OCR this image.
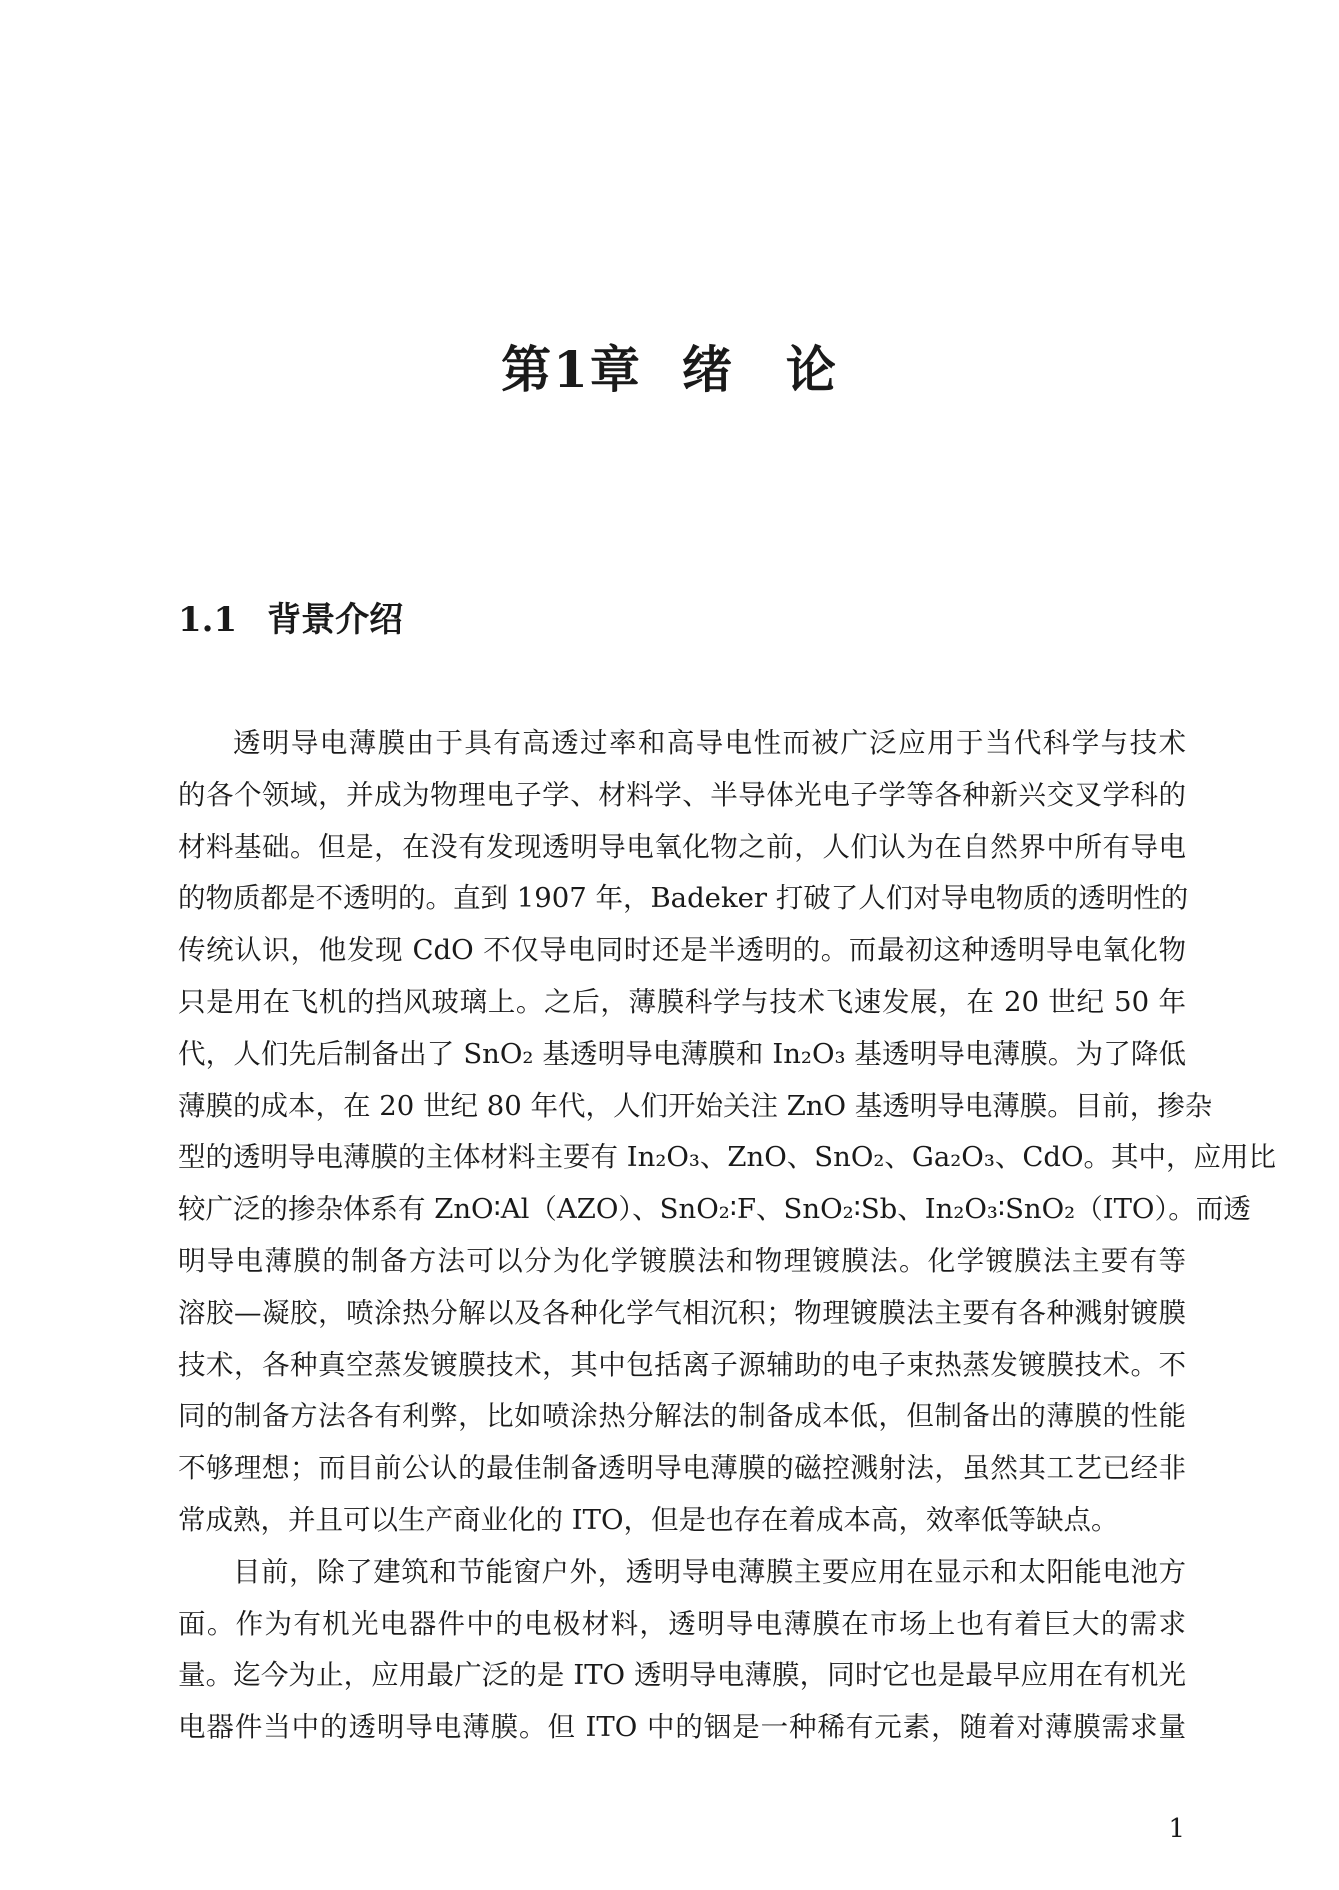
第1章 绪　论
1.1 背景介绍

透明导电薄膜由于具有高透过率和高导电性而被广泛应用于当代科学与技术
的各个领域，并成为物理电子学、材料学、半导体光电子学等各种新兴交叉学科的
材料基础。但是，在没有发现透明导电氧化物之前，人们认为在自然界中所有导电
的物质都是不透明的。直到 1907 年，Badeker 打破了人们对导电物质的透明性的
传统认识，他发现 CdO 不仅导电同时还是半透明的。而最初这种透明导电氧化物
只是用在飞机的挡风玻璃上。之后，薄膜科学与技术飞速发展，在 20 世纪 50 年
代，人们先后制备出了 SnO₂ 基透明导电薄膜和 In₂O₃ 基透明导电薄膜。为了降低
薄膜的成本，在 20 世纪 80 年代，人们开始关注 ZnO 基透明导电薄膜。目前，掺杂
型的透明导电薄膜的主体材料主要有 In₂O₃、ZnO、SnO₂、Ga₂O₃、CdO。其中，应用比
较广泛的掺杂体系有 ZnO∶Al（AZO）、SnO₂∶F、SnO₂∶Sb、In₂O₃∶SnO₂（ITO）。而透
明导电薄膜的制备方法可以分为化学镀膜法和物理镀膜法。化学镀膜法主要有等
溶胶—凝胶，喷涂热分解以及各种化学气相沉积；物理镀膜法主要有各种溅射镀膜
技术，各种真空蒸发镀膜技术，其中包括离子源辅助的电子束热蒸发镀膜技术。不
同的制备方法各有利弊，比如喷涂热分解法的制备成本低，但制备出的薄膜的性能
不够理想；而目前公认的最佳制备透明导电薄膜的磁控溅射法，虽然其工艺已经非
常成熟，并且可以生产商业化的 ITO，但是也存在着成本高，效率低等缺点。

目前，除了建筑和节能窗户外，透明导电薄膜主要应用在显示和太阳能电池方
面。作为有机光电器件中的电极材料，透明导电薄膜在市场上也有着巨大的需求
量。迄今为止，应用最广泛的是 ITO 透明导电薄膜，同时它也是最早应用在有机光
电器件当中的透明导电薄膜。但 ITO 中的铟是一种稀有元素，随着对薄膜需求量

1
